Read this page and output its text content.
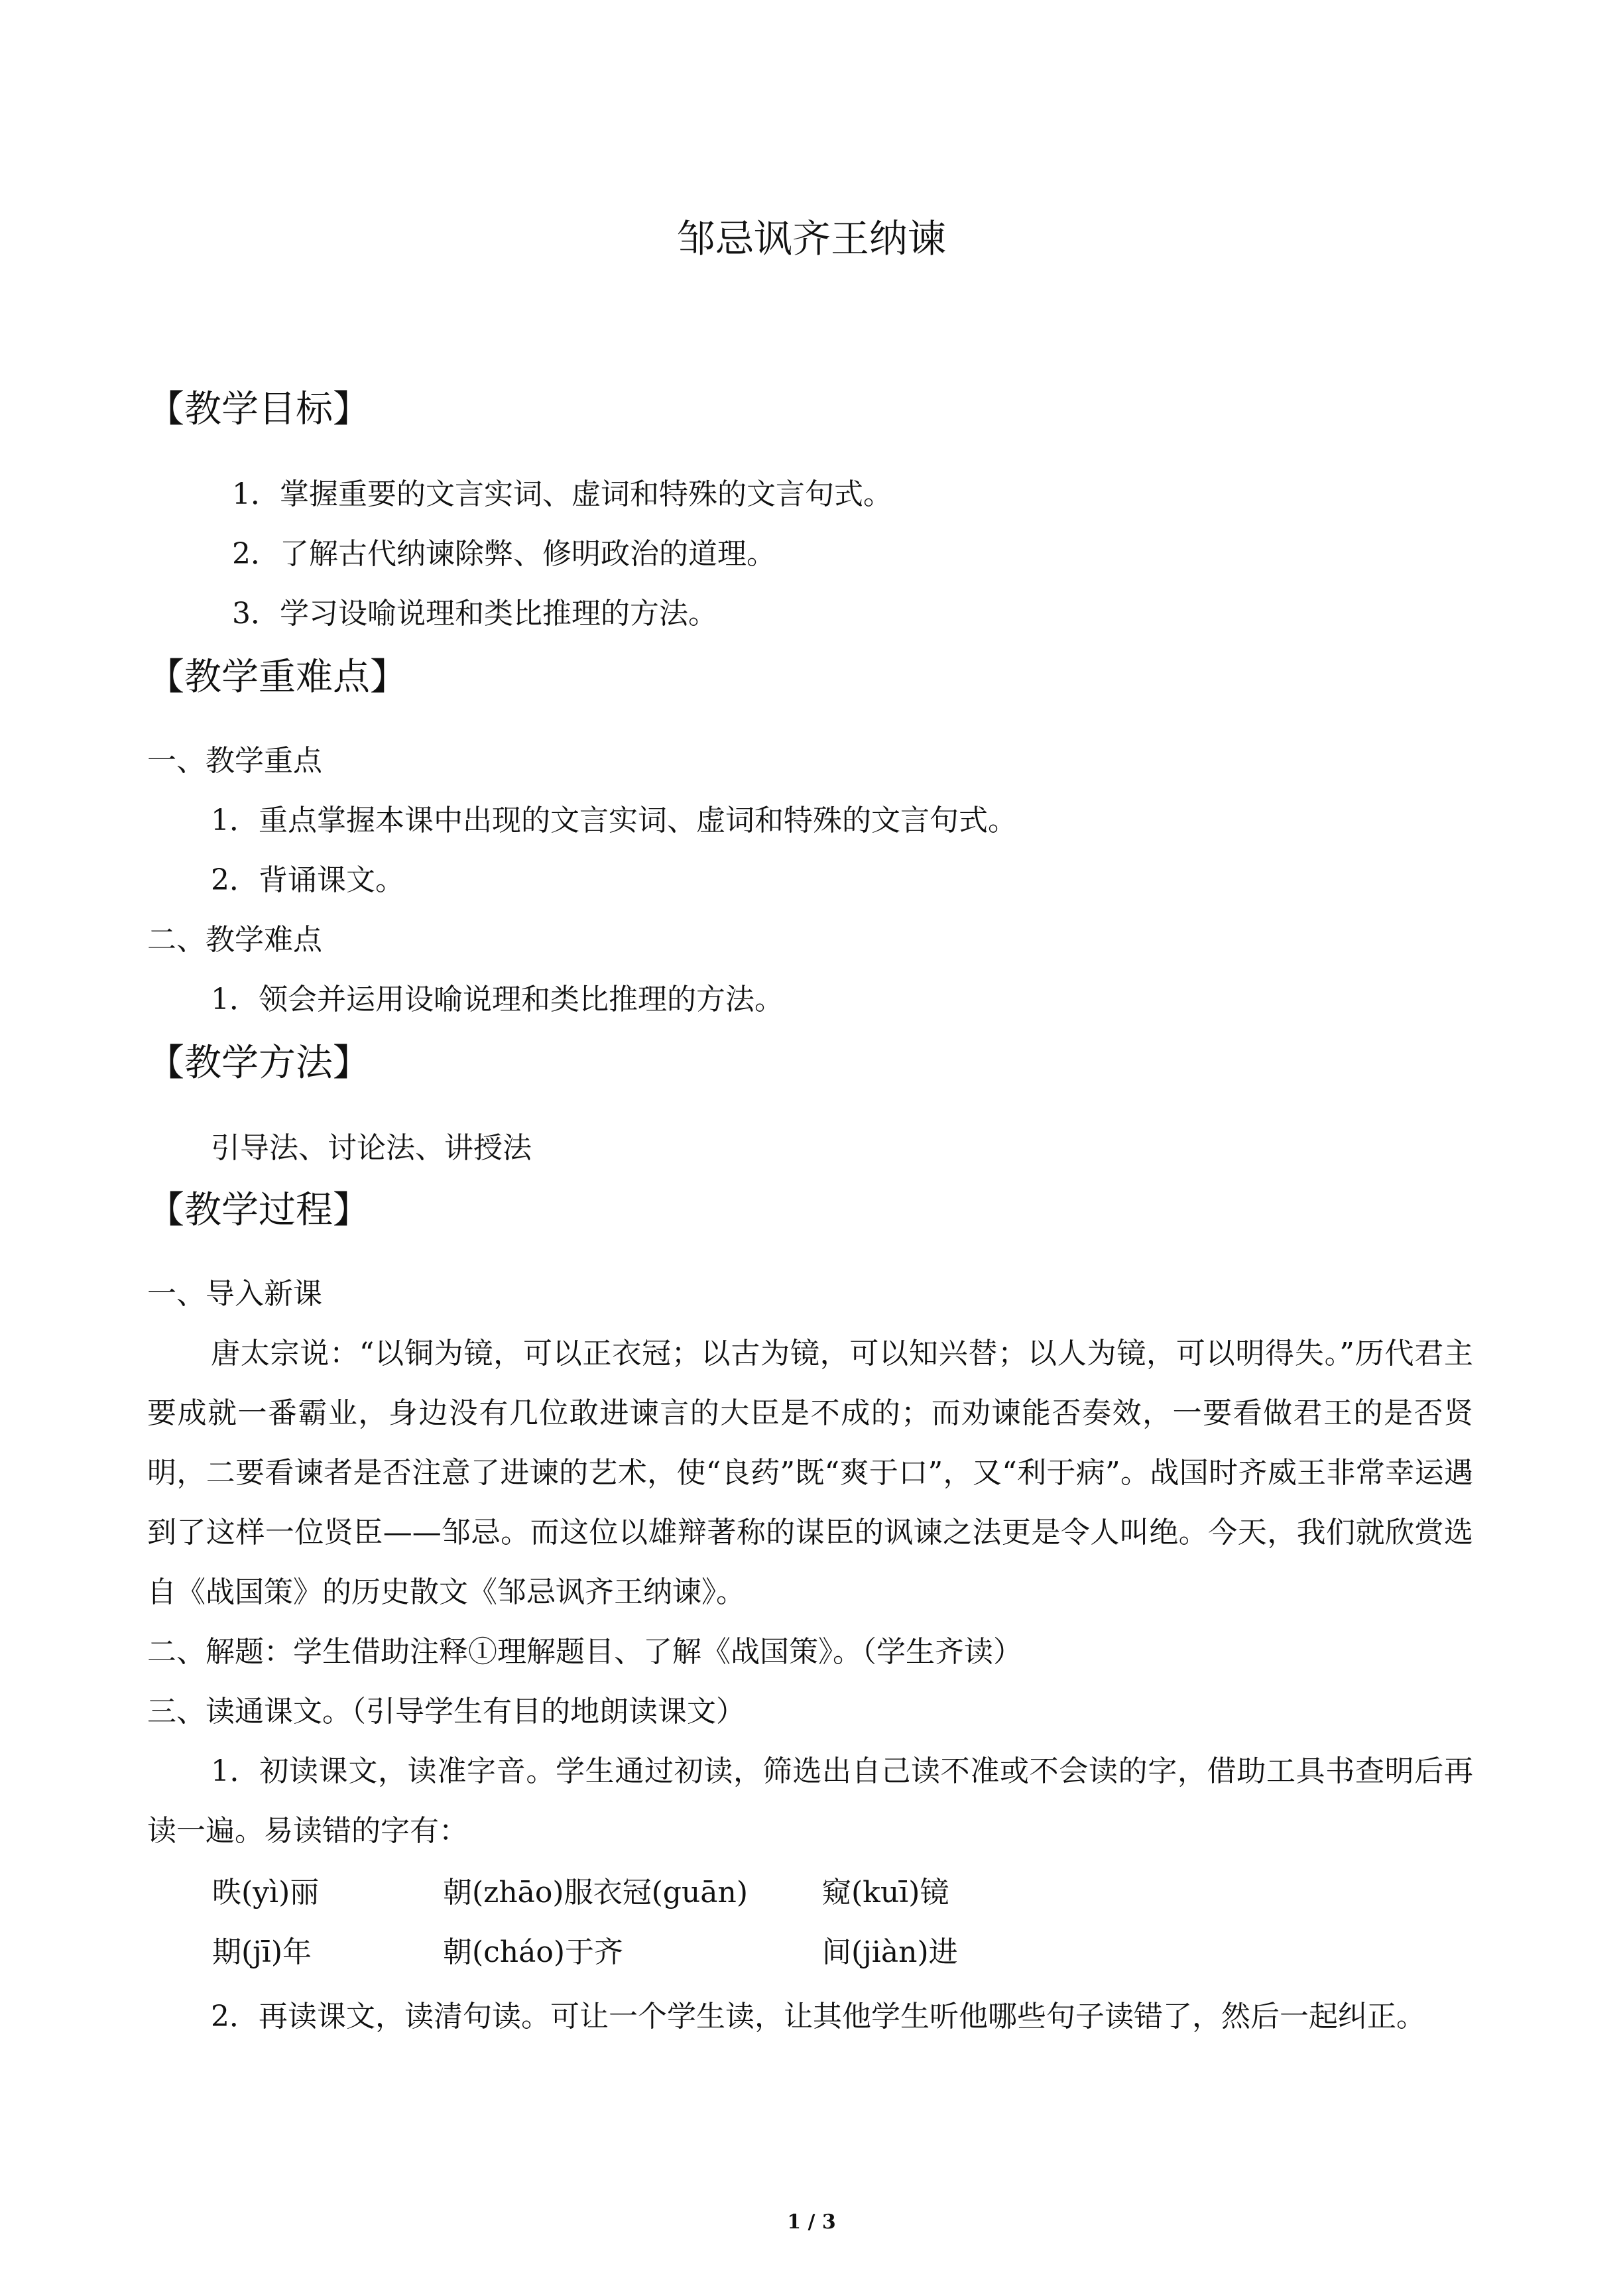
邹忌讽齐王纳谏
【教学目标】
1．掌握重要的文言实词、虚词和特殊的文言句式。
2．了解古代纳谏除弊、修明政治的道理。
3．学习设喻说理和类比推理的方法。
【教学重难点】
一、教学重点
1．重点掌握本课中出现的文言实词、虚词和特殊的文言句式。
2．背诵课文。
二、教学难点
1．领会并运用设喻说理和类比推理的方法。
【教学方法】
引导法、讨论法、讲授法
【教学过程】
一、导入新课
唐太宗说：“以铜为镜，可以正衣冠；以古为镜，可以知兴替；以人为镜，可以明得失。”历代君主要成就一番霸业，身边没有几位敢进谏言的大臣是不成的；而劝谏能否奏效，一要看做君王的是否贤明，二要看谏者是否注意了进谏的艺术，使“良药”既“爽于口”，又“利于病”。战国时齐威王非常幸运遇到了这样一位贤臣——邹忌。而这位以雄辩著称的谋臣的讽谏之法更是令人叫绝。今天，我们就欣赏选自《战国策》的历史散文《邹忌讽齐王纳谏》。
二、解题：学生借助注释①理解题目、了解《战国策》。（学生齐读）
三、读通课文。（引导学生有目的地朗读课文）
1．初读课文，读准字音。学生通过初读，筛选出自己读不准或不会读的字，借助工具书查明后再读一遍。易读错的字有：
昳(yì)丽	朝(zhāo)服衣冠(guān)	窥(kuī)镜
期(jī)年	朝(cháo)于齐	间(jiàn)进
2．再读课文，读清句读。可让一个学生读，让其他学生听他哪些句子读错了，然后一起纠正。
1 / 3
